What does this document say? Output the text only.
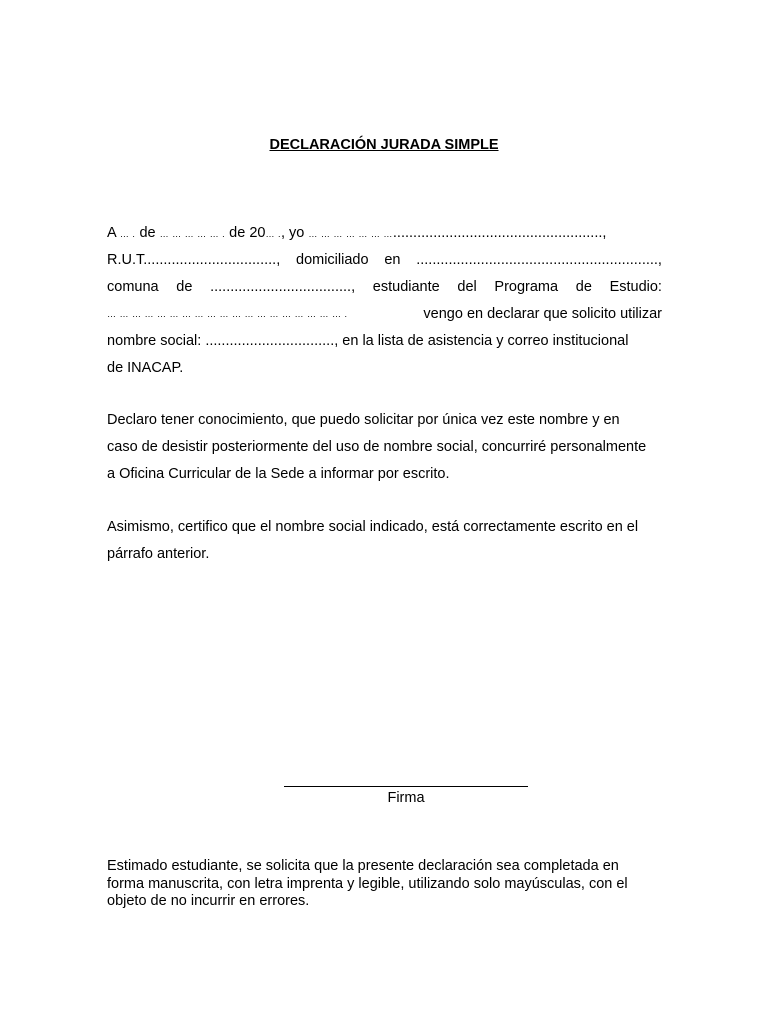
DECLARACIÓN JURADA SIMPLE
A … . de … … … … … . de 20… ., yo … … … … … … …....................................................,
R.U.T................................., domiciliado en ............................................................,
comuna de ..................................., estudiante del Programa de Estudio:
… … … … … … … … … … … … … … … … … … … .	vengo en declarar que solicito utilizar
nombre social: ................................, en la lista de asistencia y correo institucional
de INACAP.
Declaro tener conocimiento, que puedo solicitar por única vez este nombre y en
caso de desistir posteriormente del uso de nombre social, concurriré personalmente
a Oficina Curricular de la Sede a informar por escrito.
Asimismo, certifico que el nombre social indicado, está correctamente escrito en el
párrafo anterior.
Firma
Estimado estudiante, se solicita que la presente declaración sea completada en
forma manuscrita, con letra imprenta y legible, utilizando solo mayúsculas, con el
objeto de no incurrir en errores.
